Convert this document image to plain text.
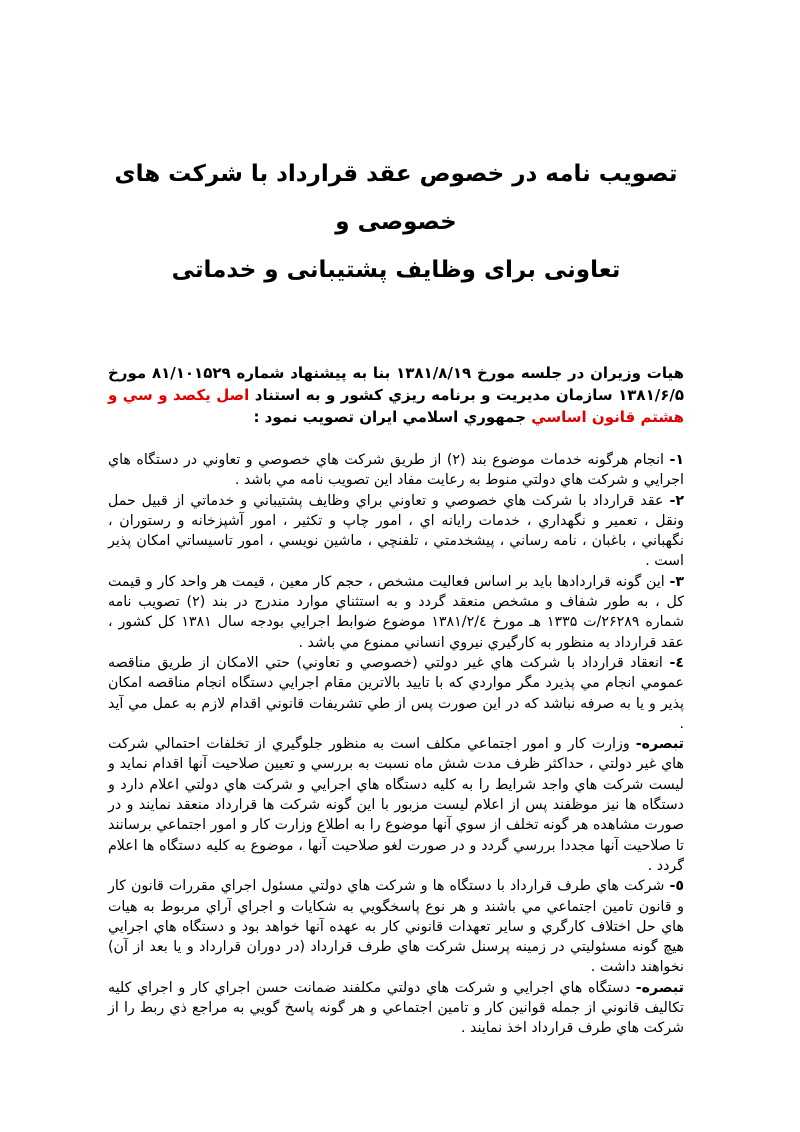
تصويب نامه در خصوص عقد قرارداد با شركت هاى خصوصى و
تعاونى براى وظايف پشتيبانى و خدماتى
هيات وزيران در جلسه مورخ ۱۳۸۱/۸/۱۹ بنا به پيشنهاد شماره ۸۱/۱۰۱۵۲۹ مورخ ۱۳۸۱/۶/۵ سازمان مديريت و برنامه ريزي كشور و به استناد اصل يكصد و سي و هشتم قانون اساسي جمهوري اسلامي ايران تصويب نمود :

۱- انجام هرگونه خدمات موضوع بند (۲) از طريق شركت هاي خصوصي و تعاوني در دستگاه هاي اجرايي و شركت هاي دولتي منوط به رعايت مفاد اين تصويب نامه مي باشد .

۲- عقد قرارداد با شركت هاي خصوصي و تعاوني براي وظايف پشتيباني و خدماتي از قبيل حمل ونقل ، تعمير و نگهداري ، خدمات رايانه اي ، امور چاپ و تكثير ، امور آشپزخانه و رستوران ، نگهباني ، باغبان ، نامه رساني ، پيشخدمتي ، تلفنچي ، ماشين نويسي ، امور تاسيساتي امكان پذير است .

۳- اين گونه قراردادها بايد بر اساس فعاليت مشخص ، حجم كار معين ، قيمت هر واحد كار و قيمت كل ، به طور شفاف و مشخص منعقد گردد و به استثناي موارد مندرج در بند (۲) تصويب نامه شماره ۲۶۲۸۹/ت ۱۳۳۵ هـ مورخ ۱۳۸۱/۲/٤ موضوع ضوابط اجرايي بودجه سال ۱۳۸۱ كل كشور ، عقد قرارداد به منظور به كارگيري نيروي انساني ممنوع مي باشد .

٤- انعقاد قرارداد با شركت هاي غير دولتي (خصوصي و تعاوني) حتي الامكان از طريق مناقصه عمومي انجام مي پذيرد مگر مواردي كه با تاييد بالاترين مقام اجرايي دستگاه انجام مناقصه امكان پذير و يا به صرفه نباشد كه در اين صورت پس از طي تشريفات قانوني اقدام لازم به عمل مي آيد .

تبصره- وزارت كار و امور اجتماعي مكلف است به منظور جلوگيري از تخلفات احتمالي شركت هاي غير دولتي ، حداكثر ظرف مدت شش ماه نسبت به بررسي و تعيين صلاحيت آنها اقدام نمايد و ليست شركت هاي واجد شرايط را به كليه دستگاه هاي اجرايي و شركت هاي دولتي اعلام دارد و دستگاه ها نيز موظفند پس از اعلام ليست مزبور با اين گونه شركت ها قرارداد منعقد نمايند و در صورت مشاهده هر گونه تخلف از سوي آنها موضوع را به اطلاع وزارت كار و امور اجتماعي برسانند تا صلاحيت آنها مجددا بررسي گردد و در صورت لغو صلاحيت آنها ، موضوع به كليه دستگاه ها اعلام گردد .

٥- شركت هاي طرف قرارداد با دستگاه ها و شركت هاي دولتي مسئول اجراي مقررات قانون كار و قانون تامين اجتماعي مي باشند و هر نوع پاسخگويي به شكايات و اجراي آراي مربوط به هيات هاي حل اختلاف كارگري و ساير تعهدات قانوني كار به عهده آنها خواهد بود و دستگاه هاي اجرايي هيچ گونه مسئوليتي در زمينه پرسنل شركت هاي طرف قرارداد (در دوران قرارداد و يا بعد از آن) نخواهند داشت .

تبصره- دستگاه هاي اجرايي و شركت هاي دولتي مكلفند ضمانت حسن اجراي كار و اجراي كليه تكاليف قانوني از جمله قوانين كار و تامين اجتماعي و هر گونه پاسخ گويي به مراجع ذي ربط را از شركت هاي طرف قرارداد اخذ نمايند .
